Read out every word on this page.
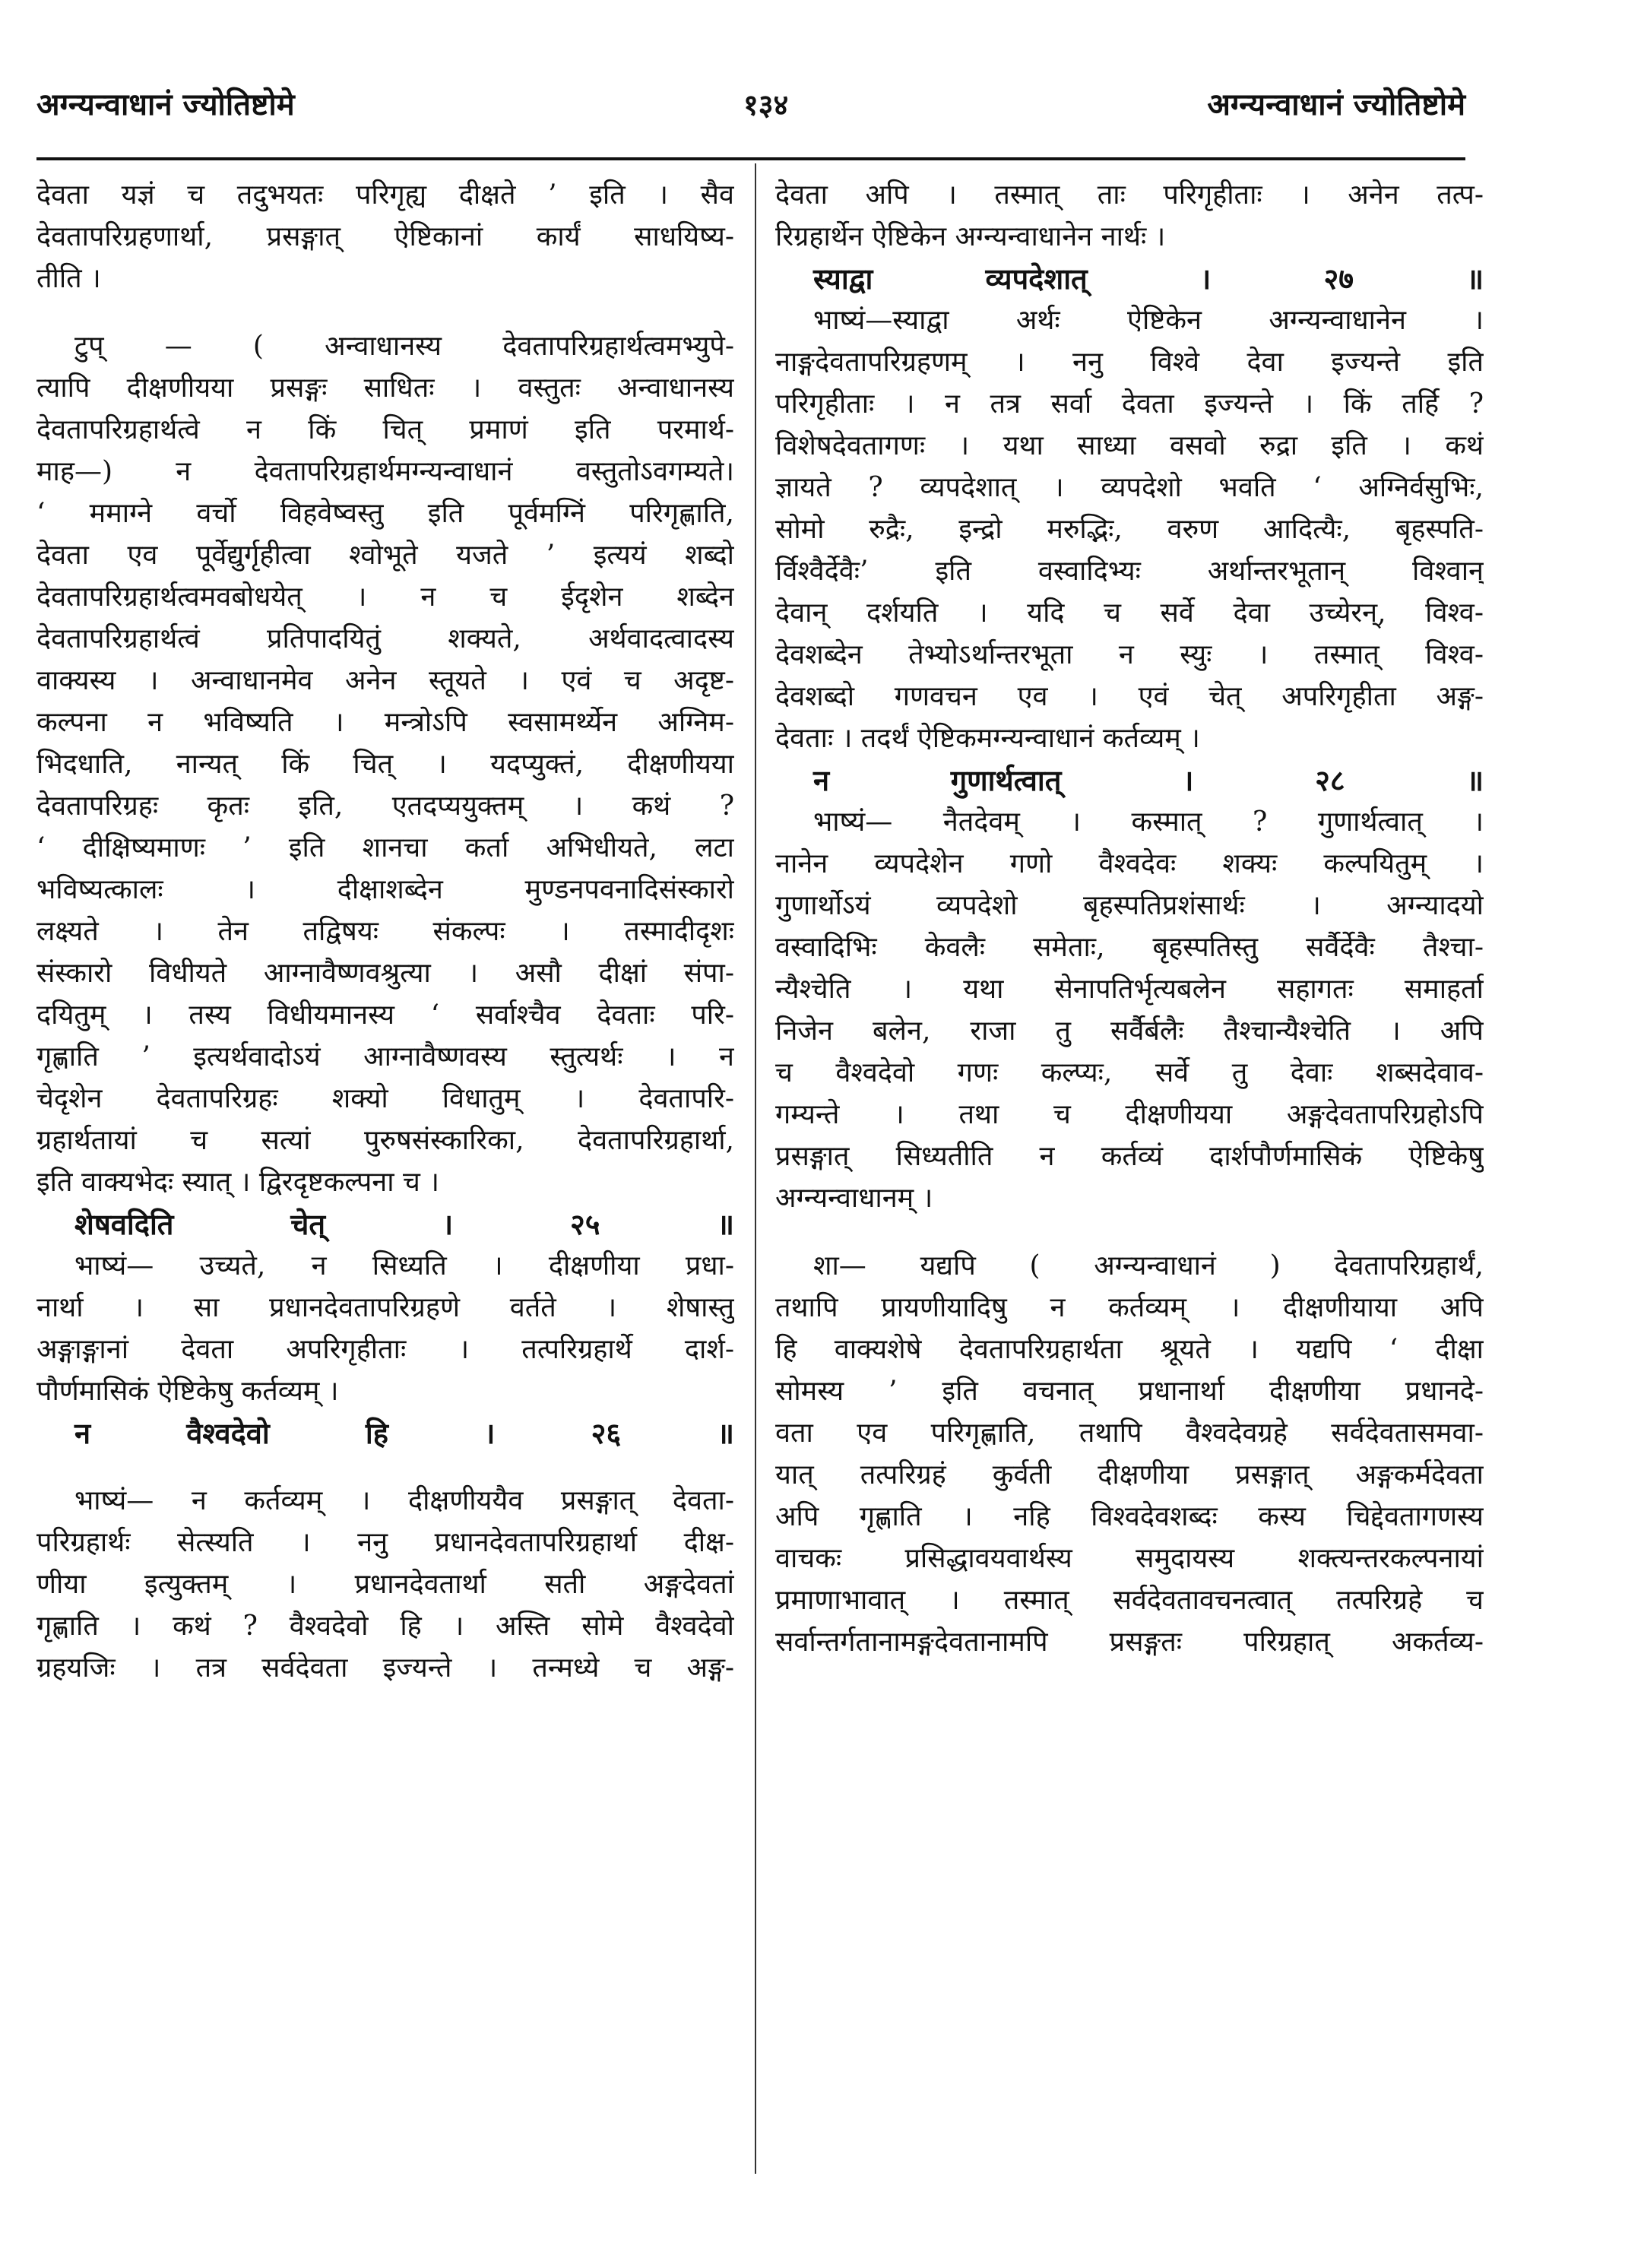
अग्न्यन्वाधानं ज्योतिष्टोमे	१३४	अग्न्यन्वाधानं ज्योतिष्टोमे
देवता यज्ञं च तदुभयतः परिगृह्य दीक्षते ’ इति । सैव
देवतापरिग्रहणार्था, प्रसङ्गात् ऐष्टिकानां कार्यं साधयिष्य-
तीति ।
टुप् — ( अन्वाधानस्य देवतापरिग्रहार्थत्वमभ्युपे-
त्यापि दीक्षणीयया प्रसङ्गः साधितः । वस्तुतः अन्वाधानस्य
देवतापरिग्रहार्थत्वे न किं चित् प्रमाणं इति परमार्थ-
माह—) न देवतापरिग्रहार्थमग्न्यन्वाधानं वस्तुतोऽवगम्यते।
‘ ममाग्ने वर्चो विहवेष्वस्तु इति पूर्वमग्निं परिगृह्णाति,
देवता एव पूर्वेद्युर्गृहीत्वा श्वोभूते यजते ’ इत्ययं शब्दो
देवतापरिग्रहार्थत्वमवबोधयेत् । न च ईदृशेन शब्देन
देवतापरिग्रहार्थत्वं प्रतिपादयितुं शक्यते, अर्थवादत्वादस्य
वाक्यस्य । अन्वाधानमेव अनेन स्तूयते । एवं च अदृष्ट-
कल्पना न भविष्यति । मन्त्रोऽपि स्वसामर्थ्येन अग्निम-
भिदधाति, नान्यत् किं चित् । यदप्युक्तं, दीक्षणीयया
देवतापरिग्रहः कृतः इति, एतदप्ययुक्तम् । कथं ?
‘ दीक्षिष्यमाणः ’ इति शानचा कर्ता अभिधीयते, लटा
भविष्यत्कालः । दीक्षाशब्देन मुण्डनपवनादिसंस्कारो
लक्ष्यते । तेन तद्विषयः संकल्पः । तस्मादीदृशः
संस्कारो विधीयते आग्नावैष्णवश्रुत्या । असौ दीक्षां संपा-
दयितुम् । तस्य विधीयमानस्य ‘ सर्वाश्चैव देवताः परि-
गृह्णाति ’ इत्यर्थवादोऽयं आग्नावैष्णवस्य स्तुत्यर्थः । न
चेदृशेन देवतापरिग्रहः शक्यो विधातुम् । देवतापरि-
ग्रहार्थतायां च सत्यां पुरुषसंस्कारिका, देवतापरिग्रहार्था,
इति वाक्यभेदः स्यात् । द्विरदृष्टकल्पना च ।
शेषवदिति चेत् । २५ ॥
भाष्यं— उच्यते, न सिध्यति । दीक्षणीया प्रधा-
नार्था । सा प्रधानदेवतापरिग्रहणे वर्तते । शेषास्तु
अङ्गाङ्गानां देवता अपरिगृहीताः । तत्परिग्रहार्थे दार्श-
पौर्णमासिकं ऐष्टिकेषु कर्तव्यम् ।
न वैश्वदेवो हि । २६ ॥
भाष्यं— न कर्तव्यम् । दीक्षणीययैव प्रसङ्गात् देवता-
परिग्रहार्थः सेत्स्यति । ननु प्रधानदेवतापरिग्रहार्था दीक्ष-
णीया इत्युक्तम् । प्रधानदेवतार्था सती अङ्गदेवतां
गृह्णाति । कथं ? वैश्वदेवो हि । अस्ति सोमे वैश्वदेवो
ग्रहयजिः । तत्र सर्वदेवता इज्यन्ते । तन्मध्ये च अङ्ग-
देवता अपि । तस्मात् ताः परिगृहीताः । अनेन तत्प-
रिग्रहार्थेन ऐष्टिकेन अग्न्यन्वाधानेन नार्थः ।
स्याद्वा व्यपदेशात् । २७ ॥
भाष्यं—स्याद्वा अर्थः ऐष्टिकेन अग्न्यन्वाधानेन ।
नाङ्गदेवतापरिग्रहणम् । ननु विश्वे देवा इज्यन्ते इति
परिगृहीताः । न तत्र सर्वा देवता इज्यन्ते । किं तर्हि ?
विशेषदेवतागणः । यथा साध्या वसवो रुद्रा इति । कथं
ज्ञायते ? व्यपदेशात् । व्यपदेशो भवति ‘ अग्निर्वसुभिः,
सोमो रुद्रैः, इन्द्रो मरुद्भिः, वरुण आदित्यैः, बृहस्पति-
र्विश्वैर्देवैः’ इति वस्वादिभ्यः अर्थान्तरभूतान् विश्वान्
देवान् दर्शयति । यदि च सर्वे देवा उच्येरन्, विश्व-
देवशब्देन तेभ्योऽर्थान्तरभूता न स्युः । तस्मात् विश्व-
देवशब्दो गणवचन एव । एवं चेत् अपरिगृहीता अङ्ग-
देवताः । तदर्थं ऐष्टिकमग्न्यन्वाधानं कर्तव्यम् ।
न गुणार्थत्वात् । २८ ॥
भाष्यं— नैतदेवम् । कस्मात् ? गुणार्थत्वात् ।
नानेन व्यपदेशेन गणो वैश्वदेवः शक्यः कल्पयितुम् ।
गुणार्थोऽयं व्यपदेशो बृहस्पतिप्रशंसार्थः । अग्न्यादयो
वस्वादिभिः केवलैः समेताः, बृहस्पतिस्तु सर्वैर्देवैः तैश्चा-
न्यैश्चेति । यथा सेनापतिर्भृत्यबलेन सहागतः समाहर्ता
निजेन बलेन, राजा तु सर्वैर्बलैः तैश्चान्यैश्चेति । अपि
च वैश्वदेवो गणः कल्प्यः, सर्वे तु देवाः शब्सदेवाव-
गम्यन्ते । तथा च दीक्षणीयया अङ्गदेवतापरिग्रहोऽपि
प्रसङ्गात् सिध्यतीति न कर्तव्यं दार्शपौर्णमासिकं ऐष्टिकेषु
अग्न्यन्वाधानम् ।
शा— यद्यपि ( अग्न्यन्वाधानं ) देवतापरिग्रहार्थं,
तथापि प्रायणीयादिषु न कर्तव्यम् । दीक्षणीयाया अपि
हि वाक्यशेषे देवतापरिग्रहार्थता श्रूयते । यद्यपि ‘ दीक्षा
सोमस्य ’ इति वचनात् प्रधानार्था दीक्षणीया प्रधानदे-
वता एव परिगृह्णाति, तथापि वैश्वदेवग्रहे सर्वदेवतासमवा-
यात् तत्परिग्रहं कुर्वती दीक्षणीया प्रसङ्गात् अङ्गकर्मदेवता
अपि गृह्णाति । नहि विश्वदेवशब्दः कस्य चिद्देवतागणस्य
वाचकः प्रसिद्धावयवार्थस्य समुदायस्य शक्त्यन्तरकल्पनायां
प्रमाणाभावात् । तस्मात् सर्वदेवतावचनत्वात् तत्परिग्रहे च
सर्वान्तर्गतानामङ्गदेवतानामपि प्रसङ्गतः परिग्रहात् अकर्तव्य-
